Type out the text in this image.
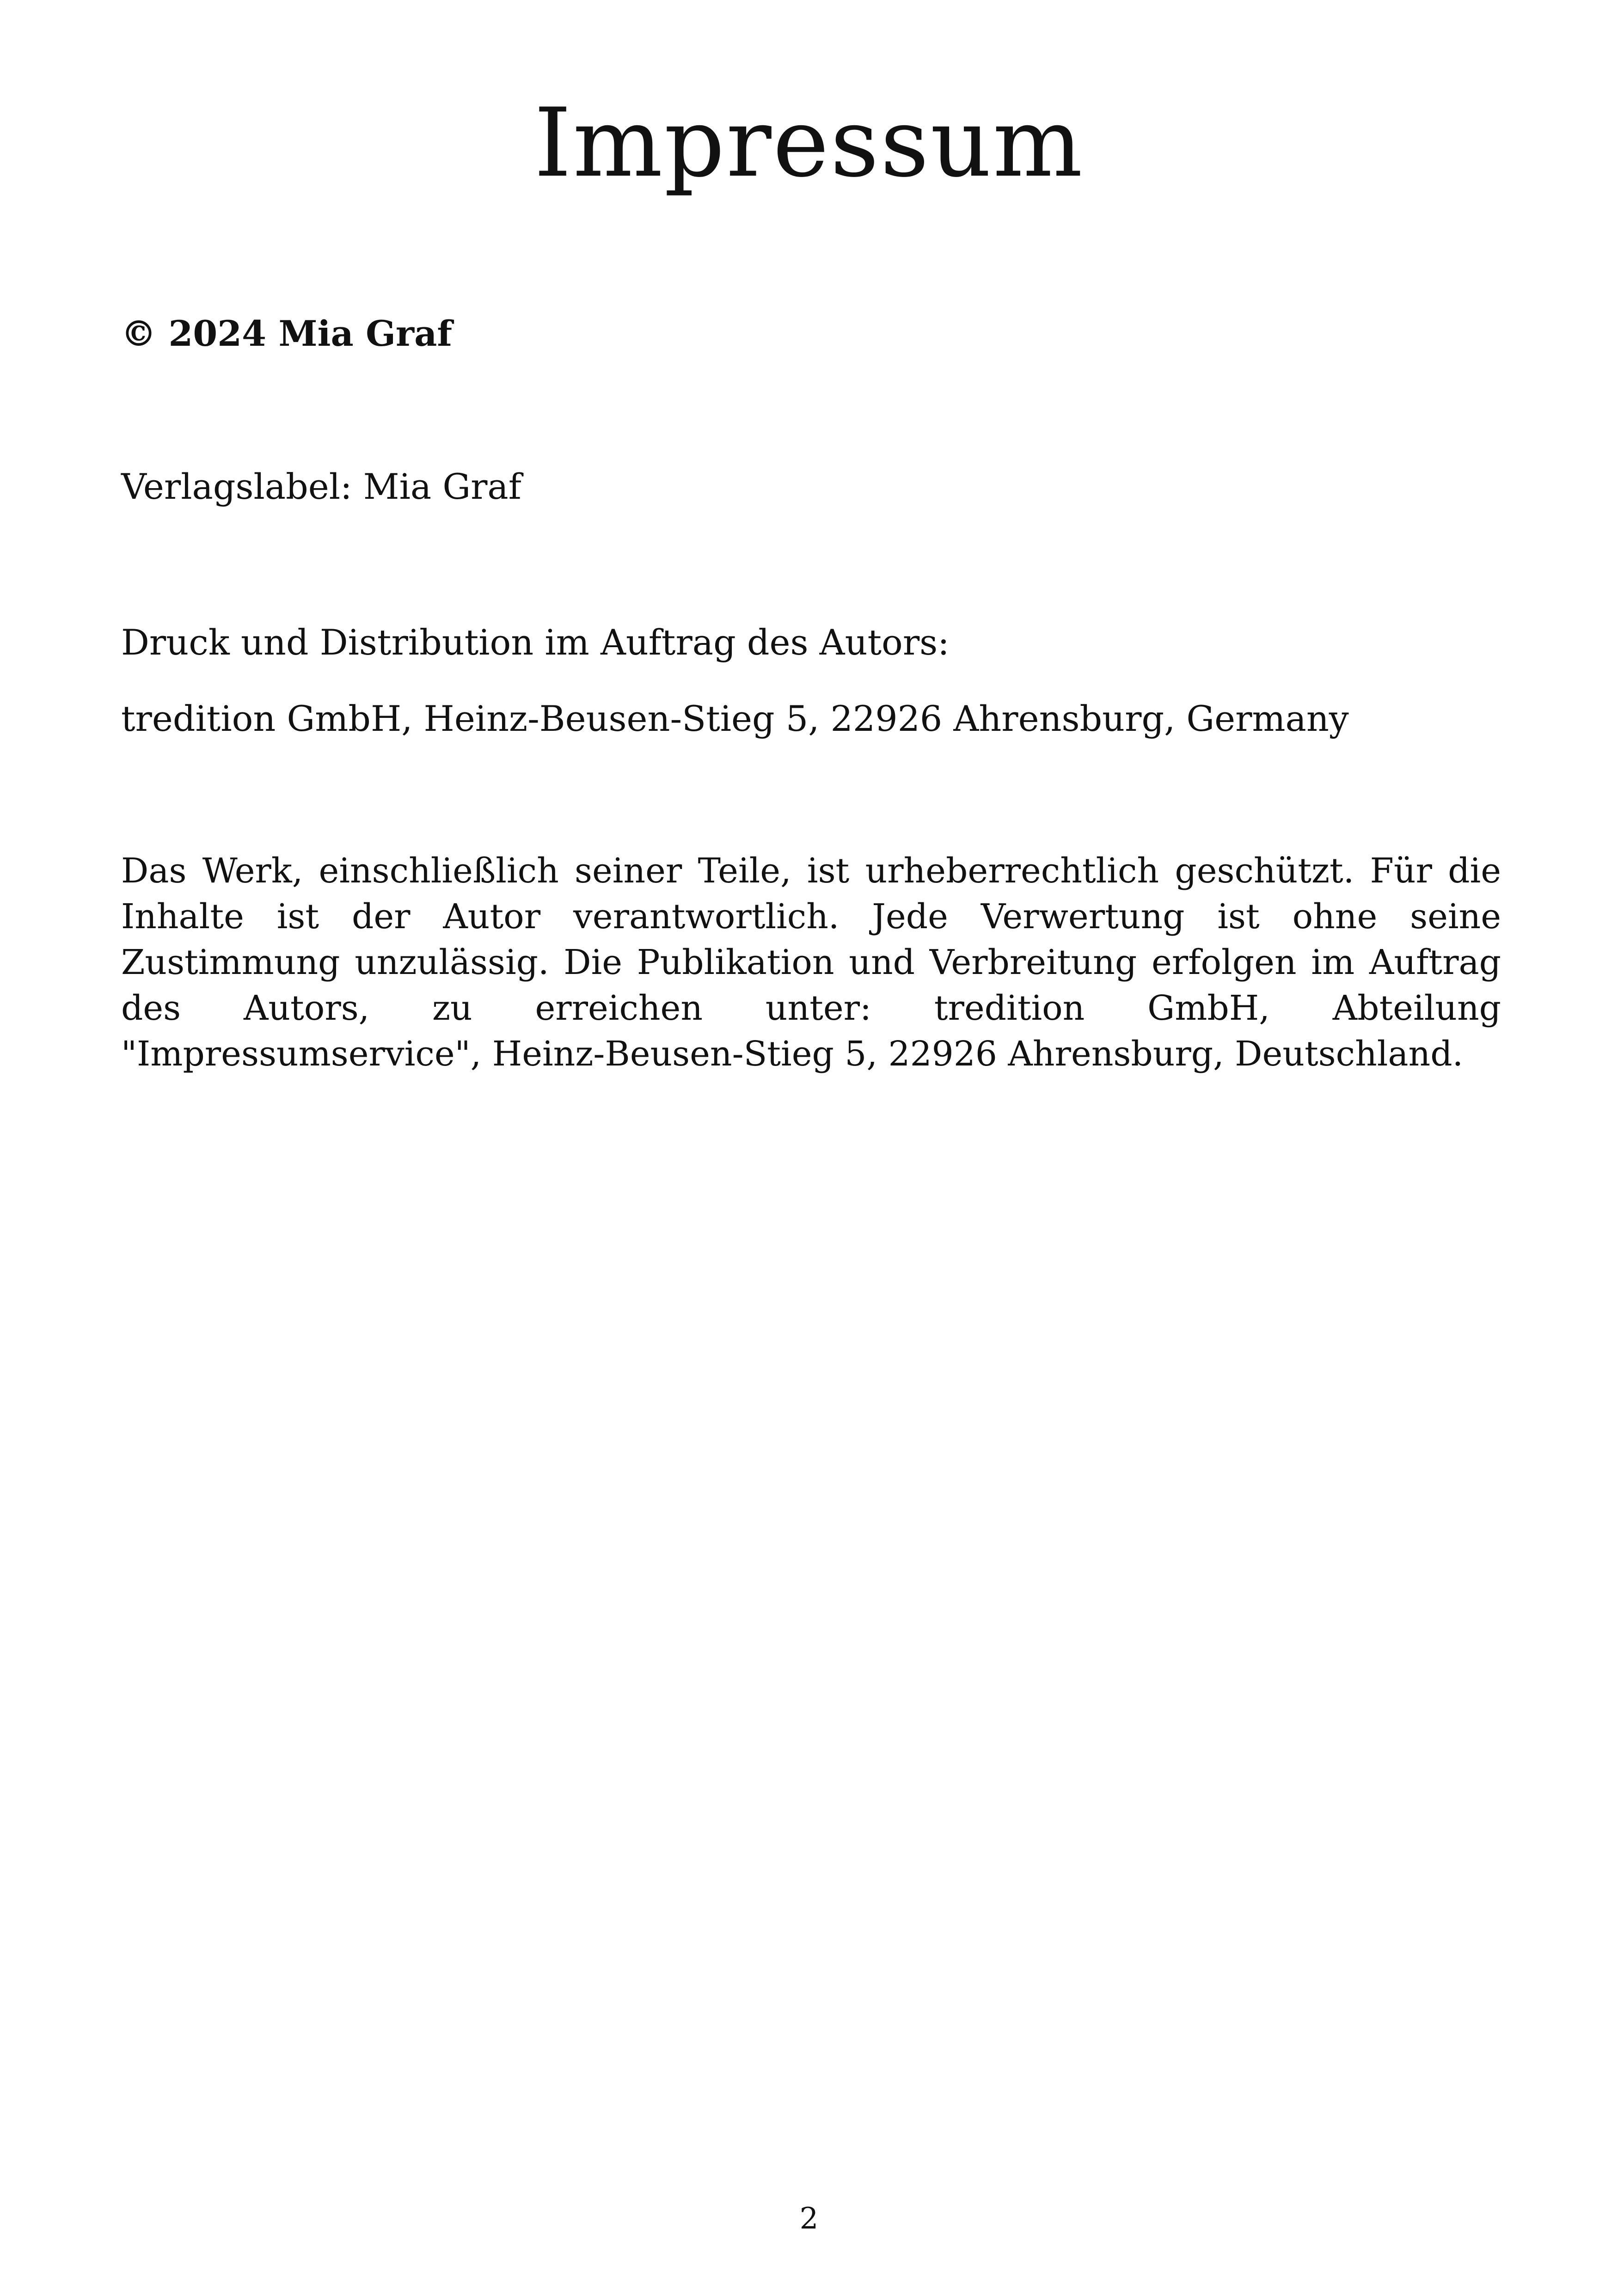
Impressum

© 2024 Mia Graf

Verlagslabel: Mia Graf

Druck und Distribution im Auftrag des Autors:

tredition GmbH, Heinz-Beusen-Stieg 5, 22926 Ahrensburg, Germany

Das Werk, einschließlich seiner Teile, ist urheberrechtlich geschützt. Für die Inhalte ist der Autor verantwortlich. Jede Verwertung ist ohne seine Zustimmung unzulässig. Die Publikation und Verbreitung erfolgen im Auftrag des Autors, zu erreichen unter: tredition GmbH, Abteilung "Impressumservice", Heinz-Beusen-Stieg 5, 22926 Ahrensburg, Deutschland.

2
